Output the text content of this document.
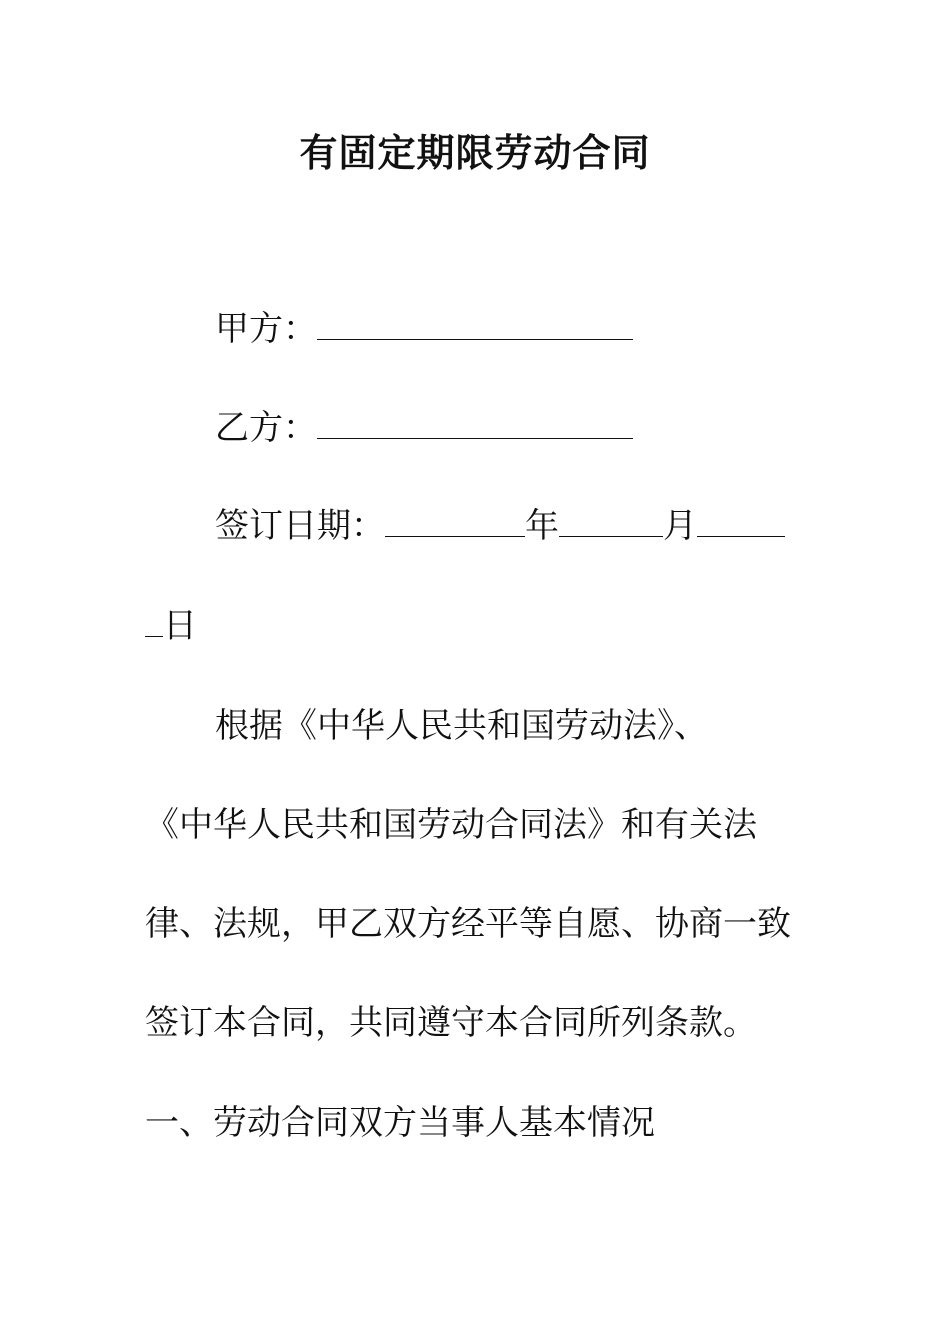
有固定期限劳动合同
甲方：
乙方：
签订日期：	年	月
日
根据《中华人民共和国劳动法》、
《中华人民共和国劳动合同法》和有关法
律、法规，甲乙双方经平等自愿、协商一致
签订本合同，共同遵守本合同所列条款。
一、劳动合同双方当事人基本情况
